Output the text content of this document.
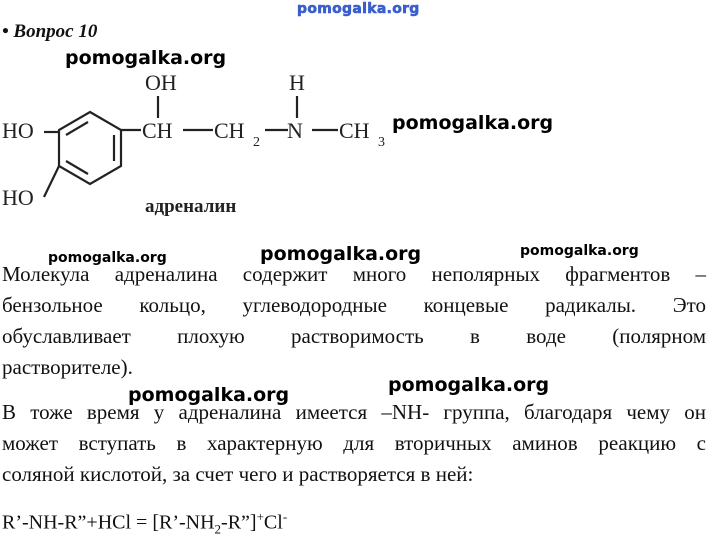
pomogalka.org
• Вопрос 10
pomogalka.org
pomogalka.org
OH	H
HO
HO
CH CH 2 N CH 3
адреналин
pomogalka.org	pomogalka.org	pomogalka.org
Молекула адреналина содержит много неполярных фрагментов –
бензольное кольцо, углеводородные концевые радикалы. Это
обуславливает плохую растворимость в воде (полярном
растворителе).
pomogalka.org	pomogalka.org
В тоже время у адреналина имеется –NH- группа, благодаря чему он
может вступать в характерную для вторичных аминов реакцию с
соляной кислотой, за счет чего и растворяется в ней:
R’-NH-R”+HCl = $[R’-NH_2-R”]^+Cl^-$
